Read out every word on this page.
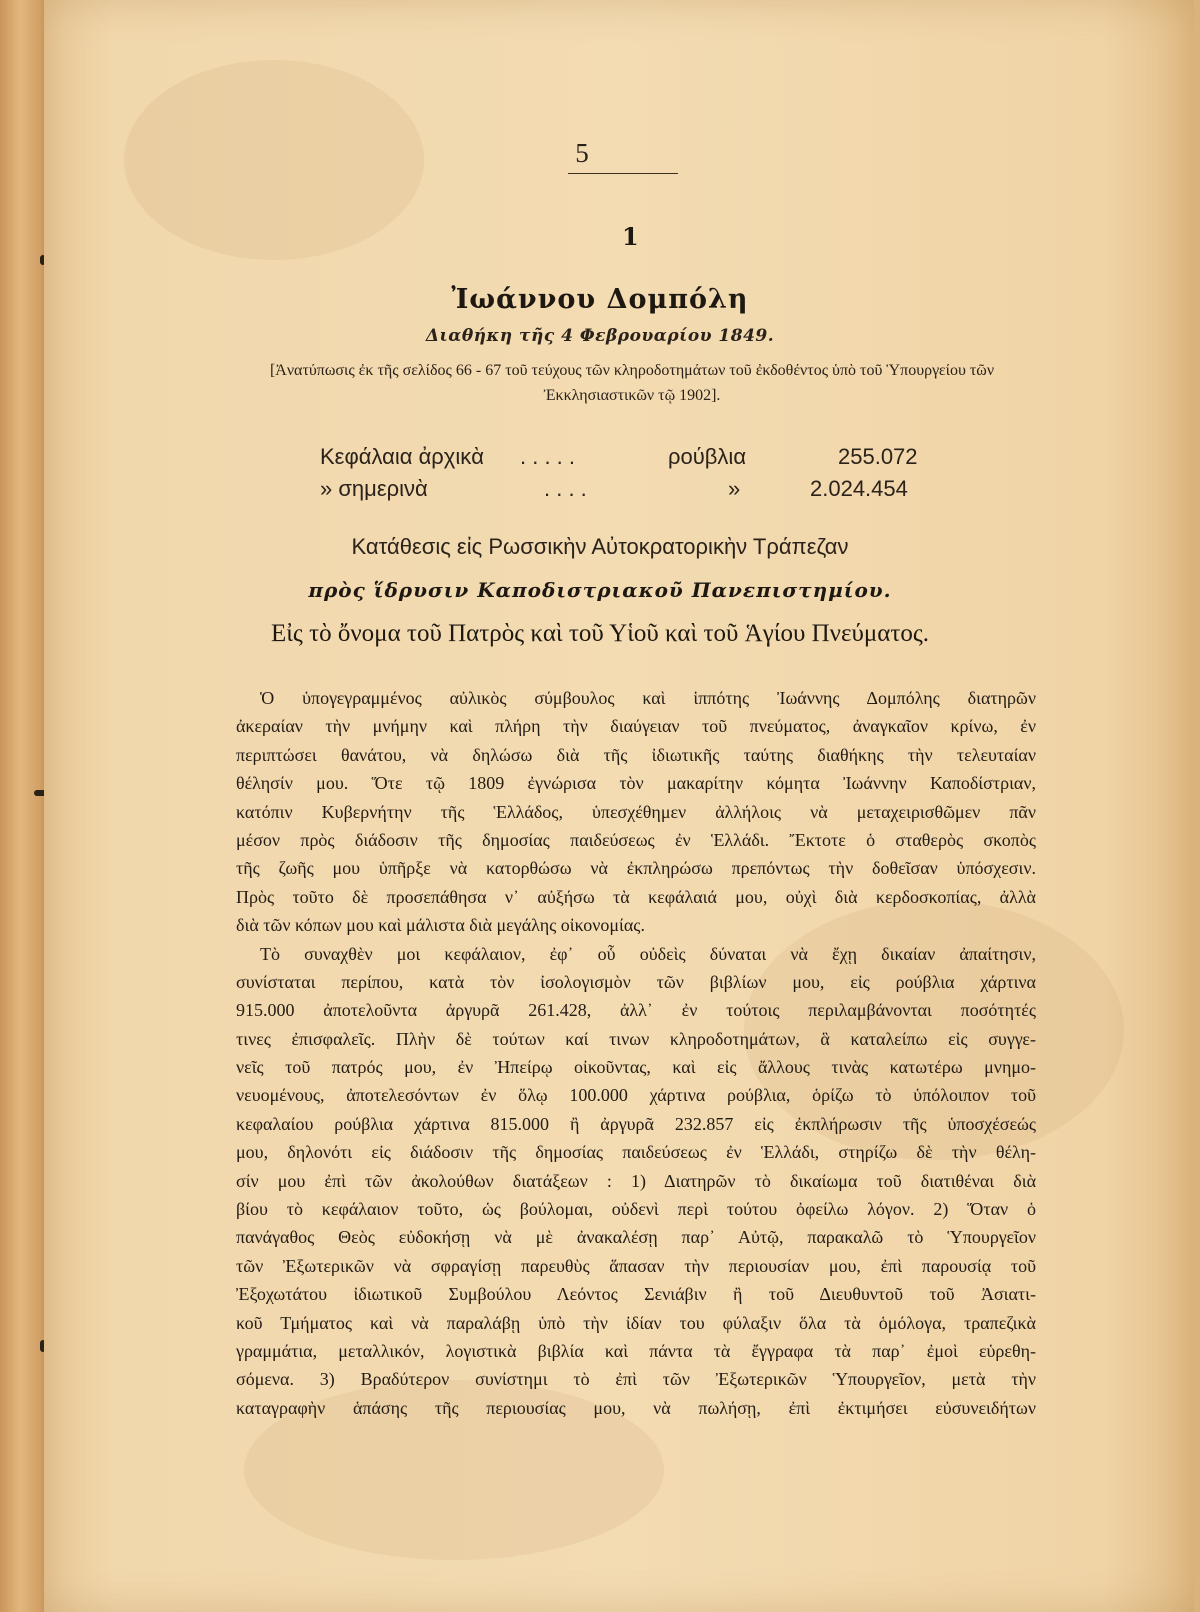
5
1
Ἰωάννου Δομπόλη
Διαθήκη τῆς 4 Φεβρουαρίου 1849.
[Ἀνατύπωσις ἐκ τῆς σελίδος 66 - 67 τοῦ τεύχους τῶν κληροδοτημάτων τοῦ ἐκδοθέντος ὑπὸ τοῦ Ὑπουργείου τῶν Ἐκκλησιαστικῶν τῷ 1902].
Κεφάλαια ἀρχικὰ . . . . .	ρούβλια	255.072
» σημερινὰ	. . . .	»	2.024.454
Κατάθεσις εἰς Ρωσσικὴν Αὐτοκρατορικὴν Τράπεζαν
πρὸς ἵδρυσιν Καποδιστριακοῦ Πανεπιστημίου.
Εἰς τὸ ὄνομα τοῦ Πατρὸς καὶ τοῦ Υἱοῦ καὶ τοῦ Ἁγίου Πνεύματος.
Ὁ ὑπογεγραμμένος αὐλικὸς σύμβουλος καὶ ἱππότης Ἰωάννης Δομπόλης διατηρῶν
ἀκεραίαν τὴν μνήμην καὶ πλήρη τὴν διαύγειαν τοῦ πνεύματος, ἀναγκαῖον κρίνω, ἐν
περιπτώσει θανάτου, νὰ δηλώσω διὰ τῆς ἰδιωτικῆς ταύτης διαθήκης τὴν τελευταίαν
θέλησίν μου. Ὅτε τῷ 1809 ἐγνώρισα τὸν μακαρίτην κόμητα Ἰωάννην Καποδίστριαν,
κατόπιν Κυβερνήτην τῆς Ἑλλάδος, ὑπεσχέθημεν ἀλλήλοις νὰ μεταχειρισθῶμεν πᾶν
μέσον πρὸς διάδοσιν τῆς δημοσίας παιδεύσεως ἐν Ἑλλάδι. Ἔκτοτε ὁ σταθερὸς σκοπὸς
τῆς ζωῆς μου ὑπῆρξε νὰ κατορθώσω νὰ ἐκπληρώσω πρεπόντως τὴν δοθεῖσαν ὑπόσχεσιν.
Πρὸς τοῦτο δὲ προσεπάθησα ν᾿ αὐξήσω τὰ κεφάλαιά μου, οὐχὶ διὰ κερδοσκοπίας, ἀλλὰ
διὰ τῶν κόπων μου καὶ μάλιστα διὰ μεγάλης οἰκονομίας.
Τὸ συναχθὲν μοι κεφάλαιον, ἐφ᾿ οὗ οὐδεὶς δύναται νὰ ἔχῃ δικαίαν ἀπαίτησιν,
συνίσταται περίπου, κατὰ τὸν ἰσολογισμὸν τῶν βιβλίων μου, εἰς ρούβλια χάρτινα
915.000 ἀποτελοῦντα ἀργυρᾶ 261.428, ἀλλ᾿ ἐν τούτοις περιλαμβάνονται ποσότητές
τινες ἐπισφαλεῖς. Πλὴν δὲ τούτων καί τινων κληροδοτημάτων, ἃ καταλείπω εἰς συγγε-
νεῖς τοῦ πατρός μου, ἐν Ἠπείρῳ οἰκοῦντας, καὶ εἰς ἄλλους τινὰς κατωτέρω μνημο-
νευομένους, ἀποτελεσόντων ἐν ὅλῳ 100.000 χάρτινα ρούβλια, ὁρίζω τὸ ὑπόλοιπον τοῦ
κεφαλαίου ρούβλια χάρτινα 815.000 ἢ ἀργυρᾶ 232.857 εἰς ἐκπλήρωσιν τῆς ὑποσχέσεώς
μου, δηλονότι εἰς διάδοσιν τῆς δημοσίας παιδεύσεως ἐν Ἑλλάδι, στηρίζω δὲ τὴν θέλη-
σίν μου ἐπὶ τῶν ἀκολούθων διατάξεων : 1) Διατηρῶν τὸ δικαίωμα τοῦ διατιθέναι διὰ
βίου τὸ κεφάλαιον τοῦτο, ὡς βούλομαι, οὐδενὶ περὶ τούτου ὀφείλω λόγον. 2) Ὅταν ὁ
πανάγαθος Θεὸς εὐδοκήσῃ νὰ μὲ ἀνακαλέσῃ παρ᾿ Αὐτῷ, παρακαλῶ τὸ Ὑπουργεῖον
τῶν Ἐξωτερικῶν νὰ σφραγίσῃ παρευθὺς ἅπασαν τὴν περιουσίαν μου, ἐπὶ παρουσίᾳ τοῦ
Ἐξοχωτάτου ἰδιωτικοῦ Συμβούλου Λεόντος Σενιάβιν ἢ τοῦ Διευθυντοῦ τοῦ Ἀσιατι-
κοῦ Τμήματος καὶ νὰ παραλάβῃ ὑπὸ τὴν ἰδίαν του φύλαξιν ὅλα τὰ ὁμόλογα, τραπεζικὰ
γραμμάτια, μεταλλικόν, λογιστικὰ βιβλία καὶ πάντα τὰ ἔγγραφα τὰ παρ᾿ ἐμοὶ εὑρεθη-
σόμενα. 3) Βραδύτερον συνίστημι τὸ ἐπὶ τῶν Ἐξωτερικῶν Ὑπουργεῖον, μετὰ τὴν
καταγραφὴν ἁπάσης τῆς περιουσίας μου, νὰ πωλήσῃ, ἐπὶ ἐκτιμήσει εὐσυνειδήτων
